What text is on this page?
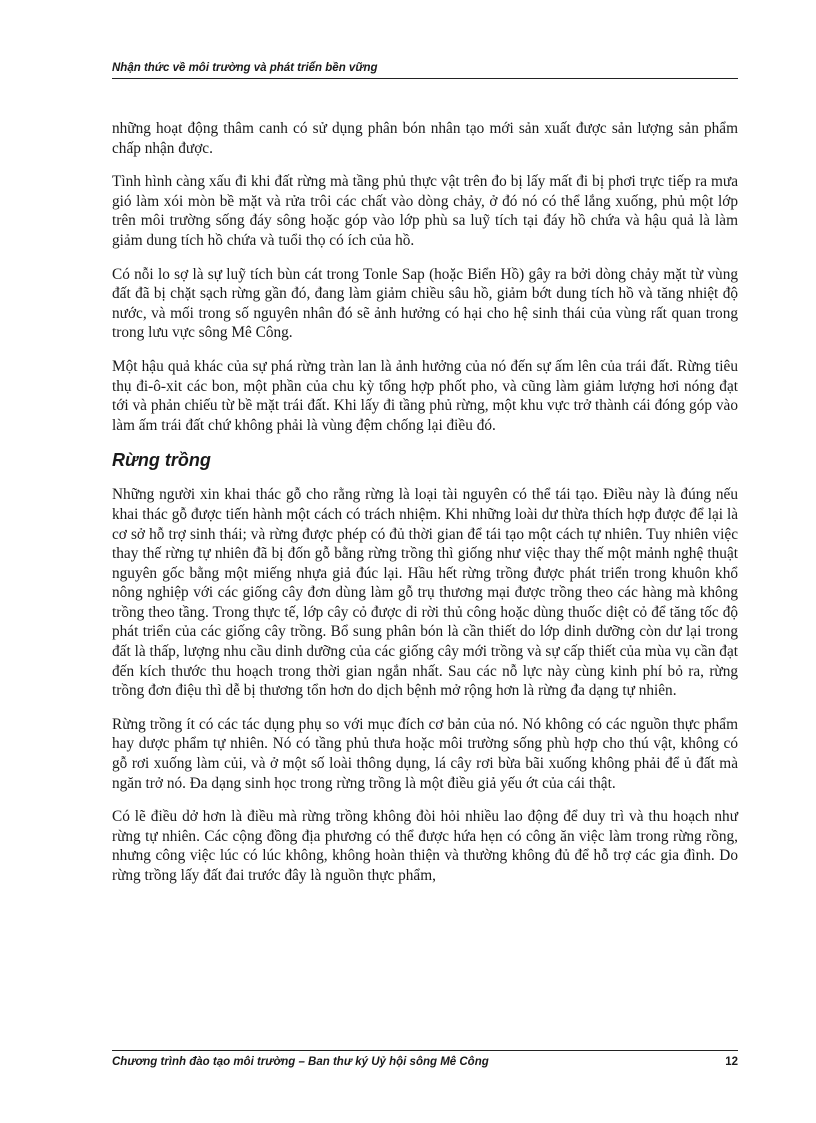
Nhận thức về môi trường và phát triển bền vững

những hoạt động thâm canh có sử dụng phân bón nhân tạo mới sản xuất được sản lượng sản phẩm chấp nhận được.

Tình hình càng xấu đi khi đất rừng mà tầng phủ thực vật trên đo bị lấy mất đi bị phơi trực tiếp ra mưa gió làm xói mòn bề mặt và rửa trôi các chất vào dòng chảy, ở đó nó có thể lắng xuống, phủ một lớp trên môi trường sống đáy sông hoặc góp vào lớp phù sa luỹ tích tại đáy hồ chứa và hậu quả là làm giảm dung tích hồ chứa và tuổi thọ có ích của hồ.

Có nỗi lo sợ là sự luỹ tích bùn cát trong Tonle Sap (hoặc Biển Hồ) gây ra bởi dòng chảy mặt từ vùng đất đã bị chặt sạch rừng gần đó, đang làm giảm chiều sâu hồ, giảm bớt dung tích hồ và tăng nhiệt độ nước, và mối trong số nguyên nhân đó sẽ ảnh hưởng có hại cho hệ sinh thái của vùng rất quan trong trong lưu vực sông Mê Công.

Một hậu quả khác của sự phá rừng tràn lan là ảnh hưởng của nó đến sự ấm lên của trái đất. Rừng tiêu thụ đi-ô-xit các bon, một phần của chu kỳ tổng hợp phốt pho, và cũng làm giảm lượng hơi nóng đạt tới và phản chiếu từ bề mặt trái đất. Khi lấy đi tầng phủ rừng, một khu vực trở thành cái đóng góp vào làm ấm trái đất chứ không phải là vùng đệm chống lại điều đó.

Rừng trồng

Những người xin khai thác gỗ cho rằng rừng là loại tài nguyên có thể tái tạo. Điều này là đúng nếu khai thác gỗ được tiến hành một cách có trách nhiệm. Khi những loài dư thừa thích hợp được để lại là cơ sở hỗ trợ sinh thái; và rừng được phép có đủ thời gian để tái tạo một cách tự nhiên. Tuy nhiên việc thay thế rừng tự nhiên đã bị đốn gỗ bằng rừng trồng thì giống như việc thay thế một mảnh nghệ thuật nguyên gốc bằng một miếng nhựa giả đúc lại. Hầu hết rừng trồng được phát triển trong khuôn khổ nông nghiệp với các giống cây đơn dùng làm gỗ trụ thương mại được trồng theo các hàng mà không trồng theo tầng. Trong thực tế, lớp cây cỏ được di rời thủ công hoặc dùng thuốc diệt cỏ để tăng tốc độ phát triển của các giống cây trồng. Bổ sung phân bón là cần thiết do lớp dinh dưỡng còn dư lại trong đất là thấp, lượng nhu cầu dinh dưỡng của các giống cây mới trồng và sự cấp thiết của mùa vụ cần đạt đến kích thước thu hoạch trong thời gian ngắn nhất. Sau các nỗ lực này cùng kinh phí bỏ ra, rừng trồng đơn điệu thì dễ bị thương tổn hơn do dịch bệnh mở rộng hơn là rừng đa dạng tự nhiên.

Rừng trồng ít có các tác dụng phụ so với mục đích cơ bản của nó. Nó không có các nguồn thực phẩm hay dược phẩm tự nhiên. Nó có tầng phủ thưa hoặc môi trường sống phù hợp cho thú vật, không có gỗ rơi xuống làm củi, và ở một số loài thông dụng, lá cây rơi bừa bãi xuống không phải để ủ đất mà ngăn trở nó. Đa dạng sinh học trong rừng trồng là một điều giả yếu ớt của cái thật.

Có lẽ điều dở hơn là điều mà rừng trồng không đòi hỏi nhiều lao động để duy trì và thu hoạch như rừng tự nhiên. Các cộng đồng địa phương có thể được hứa hẹn có công ăn việc làm trong rừng rồng, nhưng công việc lúc có lúc không, không hoàn thiện và thường không đủ để hỗ trợ các gia đình. Do rừng trồng lấy đất đai trước đây là nguồn thực phẩm,

Chương trình đào tạo môi trường – Ban thư ký Uỷ hội sông Mê Công	12
